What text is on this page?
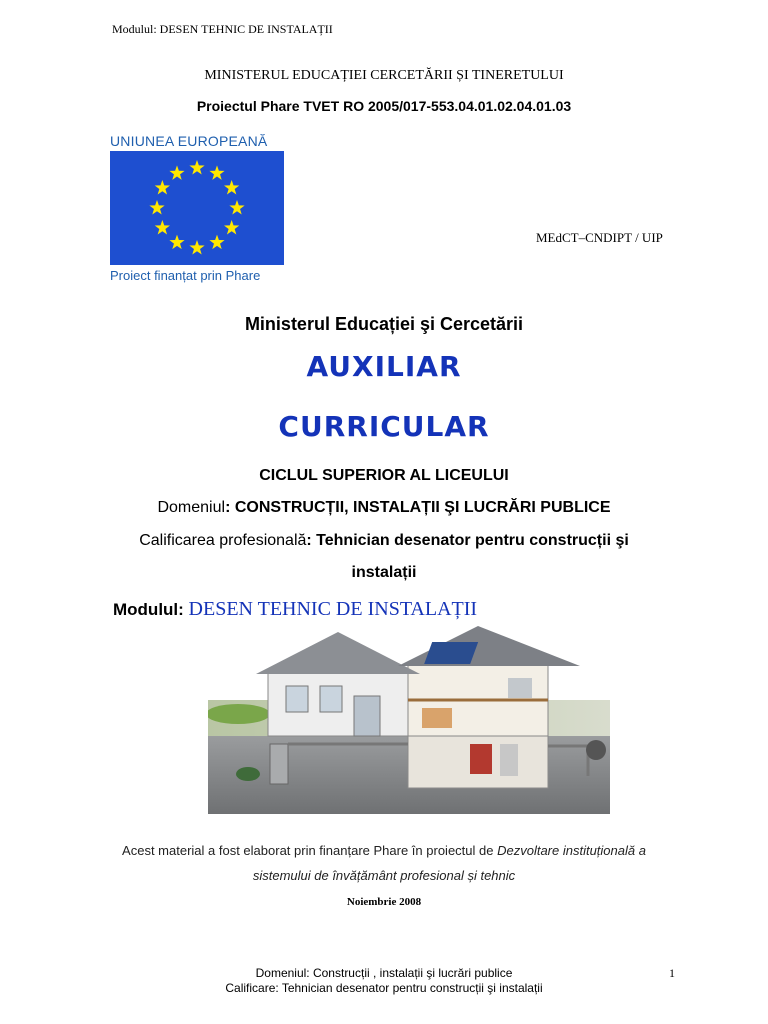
Modulul: DESEN TEHNIC DE INSTALAȚII
MINISTERUL EDUCAȚIEI CERCETĂRII ȘI TINERETULUI
Proiectul Phare TVET RO 2005/017-553.04.01.02.04.01.03
UNIUNEA EUROPEANĂ
Proiect finanțat prin Phare
MEdCT–CNDIPT / UIP
Ministerul Educației şi Cercetării
AUXILIAR
CURRICULAR
CICLUL SUPERIOR AL LICEULUI
Domeniul: CONSTRUCȚII, INSTALAȚII ŞI LUCRĂRI PUBLICE
Calificarea profesională: Tehnician desenator pentru construcții şi
instalații
Modulul: DESEN TEHNIC DE INSTALAȚII
Acest material a fost elaborat prin finanțare Phare în proiectul de Dezvoltare instituțională a
sistemului de învățământ profesional și tehnic
Noiembrie 2008
Domeniul: Construcții , instalații şi lucrări publice
Calificare: Tehnician desenator pentru construcții şi instalații
1
